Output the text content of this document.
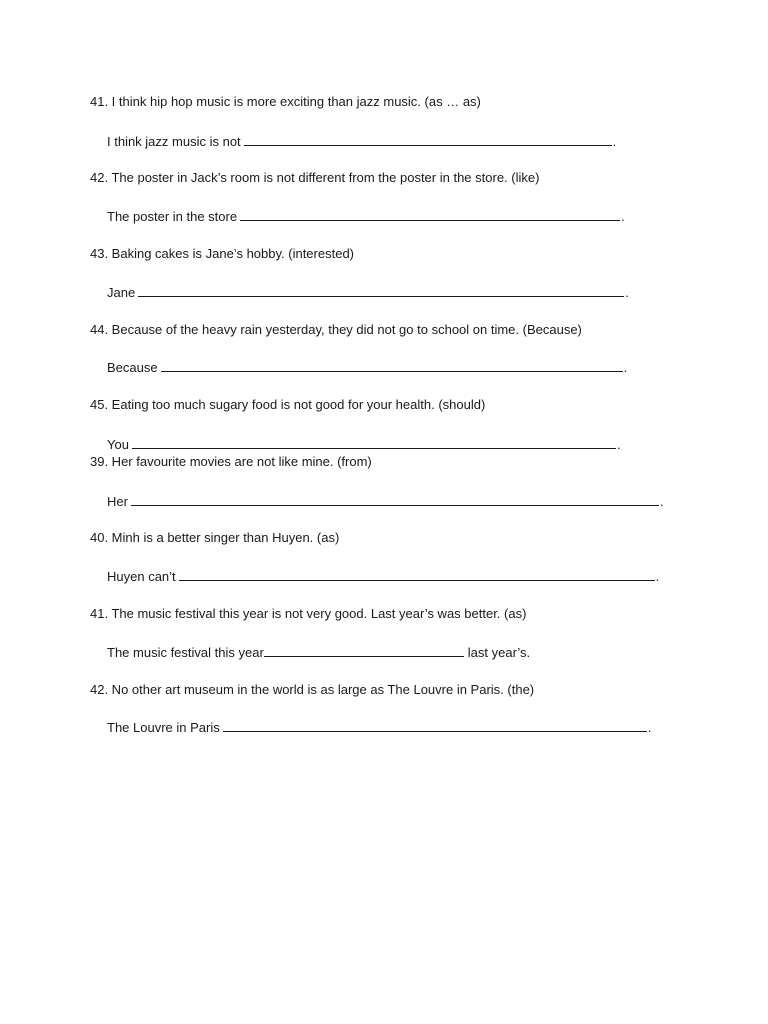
41. I think hip hop music is more exciting than jazz music. (as … as)
I think jazz music is not	.
42. The poster in Jack’s room is not different from the poster in the store. (like)
The poster in the store	.
43. Baking cakes is Jane’s hobby. (interested)
Jane	.
44. Because of the heavy rain yesterday, they did not go to school on time. (Because)
Because	.
45. Eating too much sugary food is not good for your health. (should)
You	.
39. Her favourite movies are not like mine. (from)
Her	.
40. Minh is a better singer than Huyen. (as)
Huyen can’t	.
41. The music festival this year is not very good. Last year’s was better. (as)
The music festival this year	last year’s.
42. No other art museum in the world is as large as The Louvre in Paris. (the)
The Louvre in Paris	.
